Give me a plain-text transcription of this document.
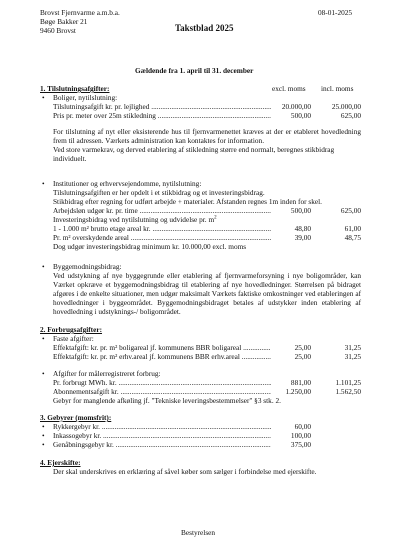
Brovst Fjernvarme a.m.b.a.
Bøge Bakker 21
9460 Brovst
08-01-2025
Takstblad 2025
Gældende fra 1. april til 31. december
1. Tilslutningsafgifter:	excl. moms incl. moms
• Boliger, nytilslutning:
Tilslutningsafgift kr. pr. lejlighed .....	20.000,00	25.000,00
Pris pr. meter over 25m stikledning .....	500,00	625,00
For tilslutning af nyt eller eksisterende hus til fjernvarmenettet kræves at der er etableret hovedledning frem til adressen. Værkets administration kan kontaktes for information.
Ved store varmekrav, og derved etablering af stikledning større end normalt, beregnes stikbidrag individuelt.
• Institutioner og erhvervsejendomme, nytilslutning:
Tilslutningsafgiften er her opdelt i et stikbidrag og et investeringsbidrag.
Stikbidrag efter regning for udført arbejde + materialer. Afstanden regnes 1m inden for skel.
Arbejdsløn udgør kr. pr. time .....	500,00	625,00
Investeringsbidrag ved nytilslutning og udvidelse pr. $m^2$
1 - 1.000 m² brutto etage areal kr. .....	48,80	61,00
Pr. m² overskydende areal .....	39,00	48,75
Dog udgør investeringsbidrag minimum kr. 10.000,00 excl. moms
• Byggemodningsbidrag:
Ved udstykning af nye byggegrunde eller etablering af fjernvarmeforsyning i nye boligområder, kan Værket opkræve et byggemodningsbidrag til etablering af nye hovedledninger. Størrelsen på bidraget afgøres i de enkelte situationer, men udgør maksimalt Værkets faktiske omkostninger ved etableringen af hovedledninger i byggeområdet. Byggemodningsbidraget betales af udstykker inden etablering af hovedledning i udstyknings-/ boligområdet.
2. Forbrugsafgifter:
• Faste afgifter:
Effektafgift: kr. pr. m² boligareal jf. kommunens BBR boligareal .....	25,00	31,25
Effektafgift: kr. pr. m² erhv.areal jf. kommunens BBR erhv.areal .....	25,00	31,25
• Afgifter for målerregistreret forbrug:
Pr. forbrugt MWh. kr. .....	881,00	1.101,25
Abonnementsafgift kr. .....	1.250,00	1.562,50
Gebyr for manglende afkøling jf. "Tekniske leveringsbestemmelser" §3 stk. 2.
3. Gebyrer (momsfrit):
• Rykkergebyr kr. .....	60,00
• Inkassogebyr kr. .....	100,00
• Genåbningsgebyr kr. .....	375,00
4. Ejerskifte:
Der skal underskrives en erklæring af såvel køber som sælger i forbindelse med ejerskifte.
Bestyrelsen
